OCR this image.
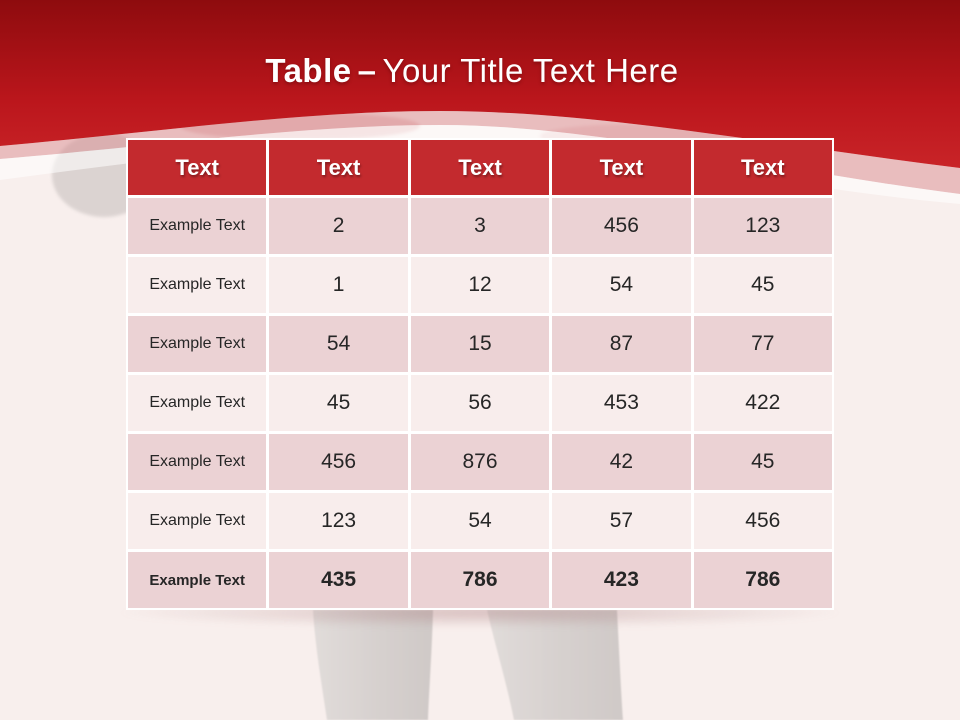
Table – Your Title Text Here
Text	Text	Text	Text	Text
Example Text	2	3	456	123
Example Text	1	12	54	45
Example Text	54	15	87	77
Example Text	45	56	453	422
Example Text	456	876	42	45
Example Text	123	54	57	456
Example Text	435	786	423	786
